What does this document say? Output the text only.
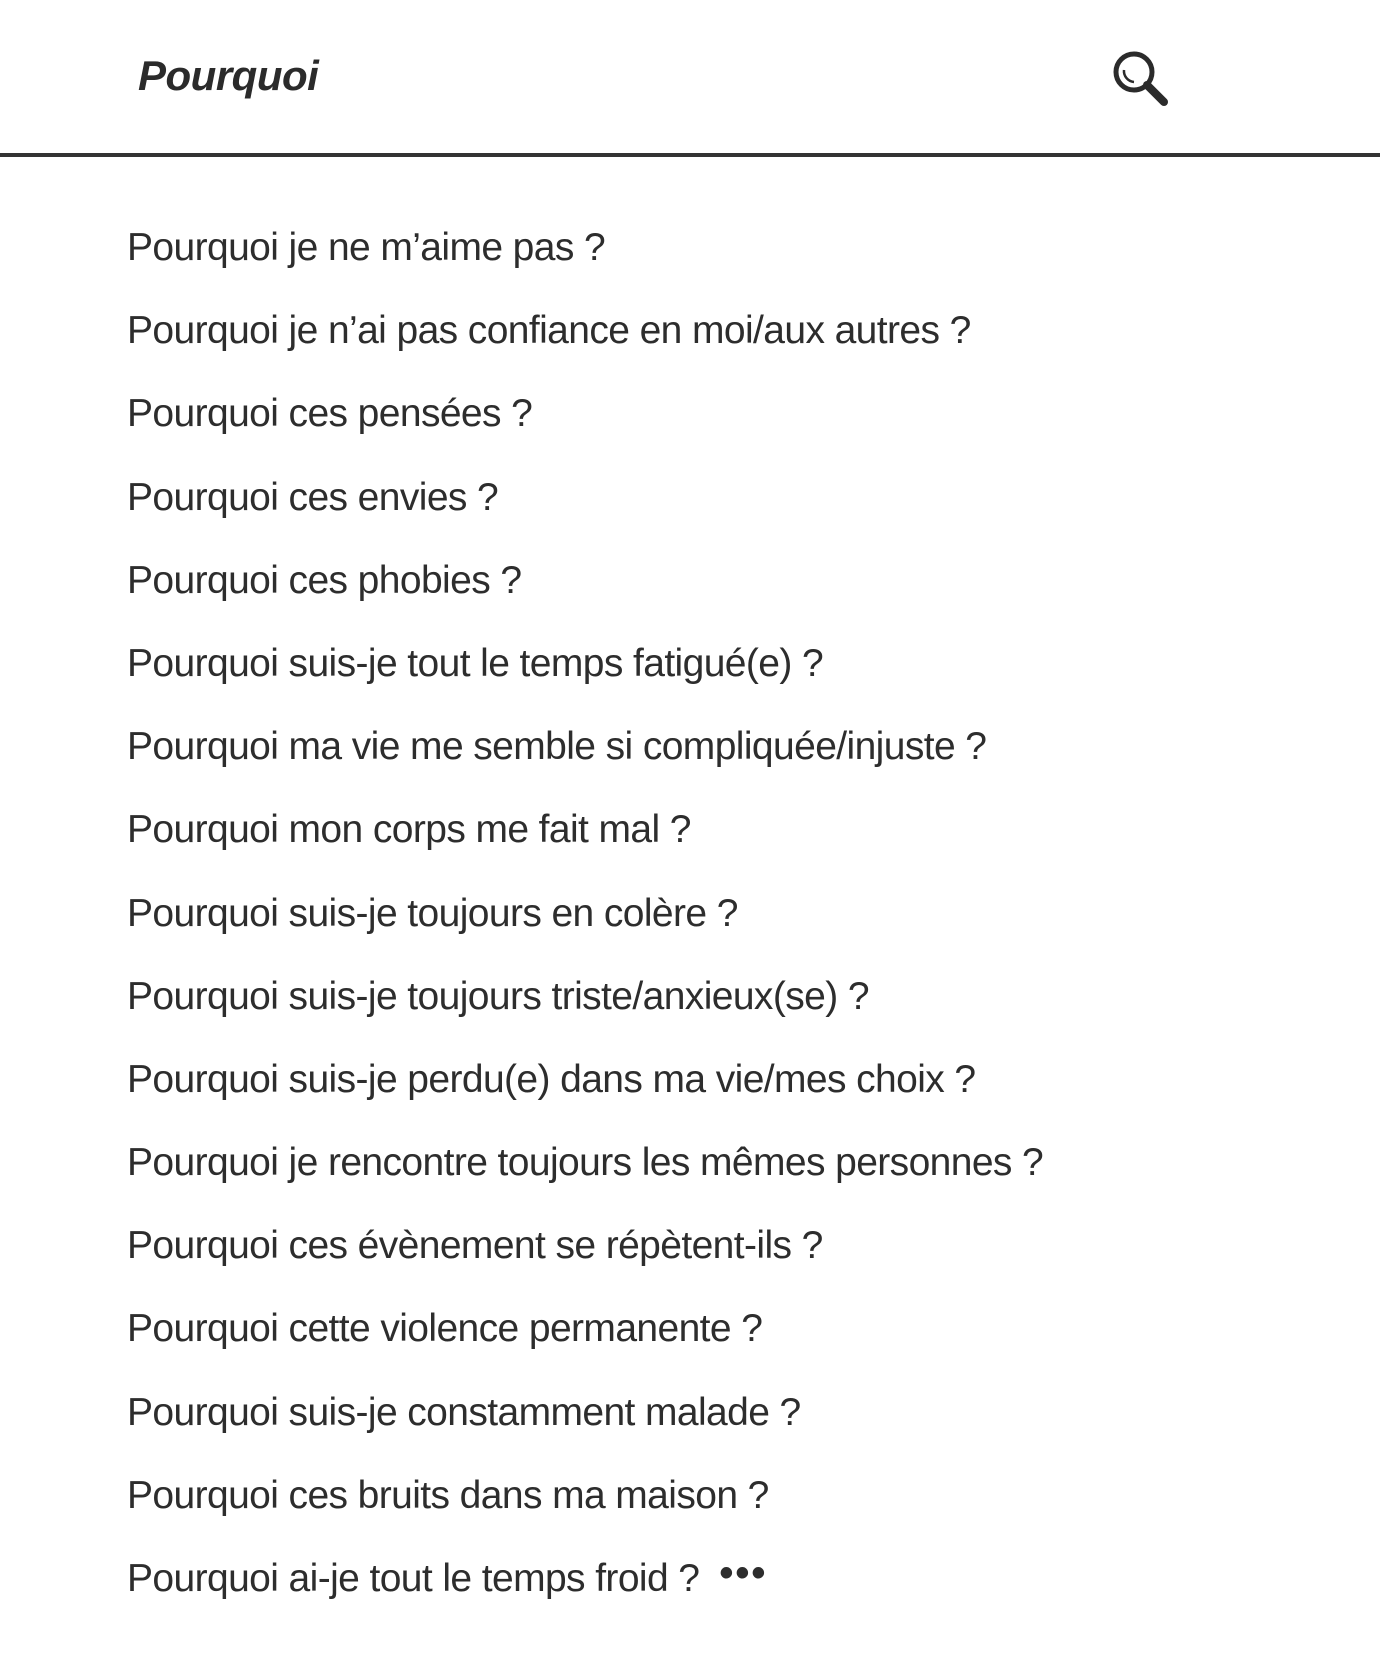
Pourquoi
Pourquoi je ne m’aime pas ?
Pourquoi je n’ai pas confiance en moi/aux autres ?
Pourquoi ces pensées ?
Pourquoi ces envies ?
Pourquoi ces phobies ?
Pourquoi suis-je tout le temps fatigué(e) ?
Pourquoi ma vie me semble si compliquée/injuste ?
Pourquoi mon corps me fait mal ?
Pourquoi suis-je toujours en colère ?
Pourquoi suis-je toujours triste/anxieux(se) ?
Pourquoi suis-je perdu(e) dans ma vie/mes choix ?
Pourquoi je rencontre toujours les mêmes personnes ?
Pourquoi ces évènement se répètent-ils ?
Pourquoi cette violence permanente ?
Pourquoi suis-je constamment malade ?
Pourquoi ces bruits dans ma maison ?
Pourquoi ai-je tout le temps froid ? •••
